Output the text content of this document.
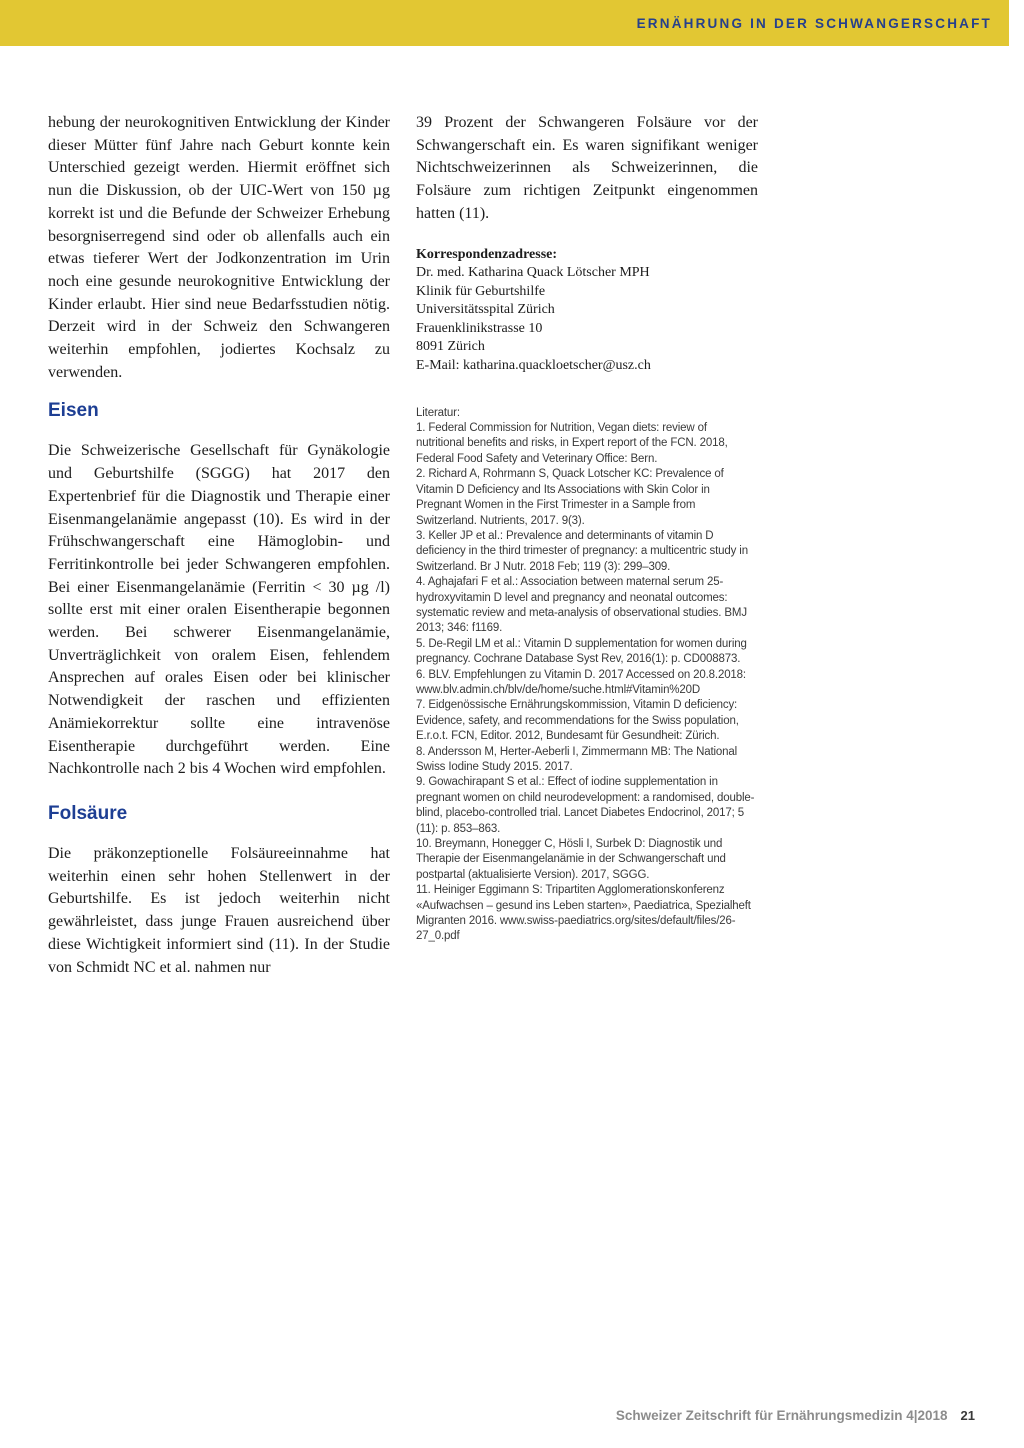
ERNÄHRUNG IN DER SCHWANGERSCHAFT

hebung der neurokognitiven Entwicklung der Kinder dieser Mütter fünf Jahre nach Geburt konnte kein Unterschied gezeigt werden. Hiermit eröffnet sich nun die Diskussion, ob der UIC-Wert von 150 µg korrekt ist und die Befunde der Schweizer Erhebung besorgniserregend sind oder ob allenfalls auch ein etwas tieferer Wert der Jodkonzentration im Urin noch eine gesunde neurokognitive Entwicklung der Kinder erlaubt. Hier sind neue Bedarfsstudien nötig. Derzeit wird in der Schweiz den Schwangeren weiterhin empfohlen, jodiertes Kochsalz zu verwenden.

Eisen

Die Schweizerische Gesellschaft für Gynäkologie und Geburtshilfe (SGGG) hat 2017 den Expertenbrief für die Diagnostik und Therapie einer Eisenmangelanämie angepasst (10). Es wird in der Frühschwangerschaft eine Hämoglobin- und Ferritinkontrolle bei jeder Schwangeren empfohlen. Bei einer Eisenmangelanämie (Ferritin < 30 µg /l) sollte erst mit einer oralen Eisentherapie begonnen werden. Bei schwerer Eisenmangelanämie, Unverträglichkeit von oralem Eisen, fehlendem Ansprechen auf orales Eisen oder bei klinischer Notwendigkeit der raschen und effizienten Anämiekorrektur sollte eine intravenöse Eisentherapie durchgeführt werden. Eine Nachkontrolle nach 2 bis 4 Wochen wird empfohlen.

Folsäure

Die präkonzeptionelle Folsäureeinnahme hat weiterhin einen sehr hohen Stellenwert in der Geburtshilfe. Es ist jedoch weiterhin nicht gewährleistet, dass junge Frauen ausreichend über diese Wichtigkeit informiert sind (11). In der Studie von Schmidt NC et al. nahmen nur

39 Prozent der Schwangeren Folsäure vor der Schwangerschaft ein. Es waren signifikant weniger Nichtschweizerinnen als Schweizerinnen, die Folsäure zum richtigen Zeitpunkt eingenommen hatten (11).

Korrespondenzadresse:

Dr. med. Katharina Quack Lötscher MPH

Klinik für Geburtshilfe

Universitätsspital Zürich

Frauenklinikstrasse 10

8091 Zürich

E-Mail: katharina.quackloetscher@usz.ch

Literatur:

1. Federal Commission for Nutrition, Vegan diets: review of nutritional benefits and risks, in Expert report of the FCN. 2018, Federal Food Safety and Veterinary Office: Bern.

2. Richard A, Rohrmann S, Quack Lotscher KC: Prevalence of Vitamin D Deficiency and Its Associations with Skin Color in Pregnant Women in the First Trimester in a Sample from Switzerland. Nutrients, 2017. 9(3).

3. Keller JP et al.: Prevalence and determinants of vitamin D deficiency in the third trimester of pregnancy: a multicentric study in Switzerland. Br J Nutr. 2018 Feb; 119 (3): 299–309.

4. Aghajafari F et al.: Association between maternal serum 25-hydroxyvitamin D level and pregnancy and neonatal outcomes: systematic review and meta-analysis of observational studies. BMJ 2013; 346: f1169.

5. De-Regil LM et al.: Vitamin D supplementation for women during pregnancy. Cochrane Database Syst Rev, 2016(1): p. CD008873.

6. BLV. Empfehlungen zu Vitamin D. 2017 Accessed on 20.8.2018: www.blv.admin.ch/blv/de/home/suche.html#Vitamin%20D

7. Eidgenössische Ernährungskommission, Vitamin D deficiency: Evidence, safety, and recommendations for the Swiss population, E.r.o.t. FCN, Editor. 2012, Bundesamt für Gesundheit: Zürich.

8. Andersson M, Herter-Aeberli I, Zimmermann MB: The National Swiss Iodine Study 2015. 2017.

9. Gowachirapant S et al.: Effect of iodine supplementation in pregnant women on child neurodevelopment: a randomised, double-blind, placebo-controlled trial. Lancet Diabetes Endocrinol, 2017; 5 (11): p. 853–863.

10. Breymann, Honegger C, Hösli I, Surbek D: Diagnostik und Therapie der Eisenmangelanämie in der Schwangerschaft und postpartal (aktualisierte Version). 2017, SGGG.

11. Heiniger Eggimann S: Tripartiten Agglomerationskonferenz «Aufwachsen – gesund ins Leben starten», Paediatrica, Spezialheft Migranten 2016. www.swiss-paediatrics.org/sites/default/files/26-27_0.pdf

Schweizer Zeitschrift für Ernährungsmedizin 4|2018 21
